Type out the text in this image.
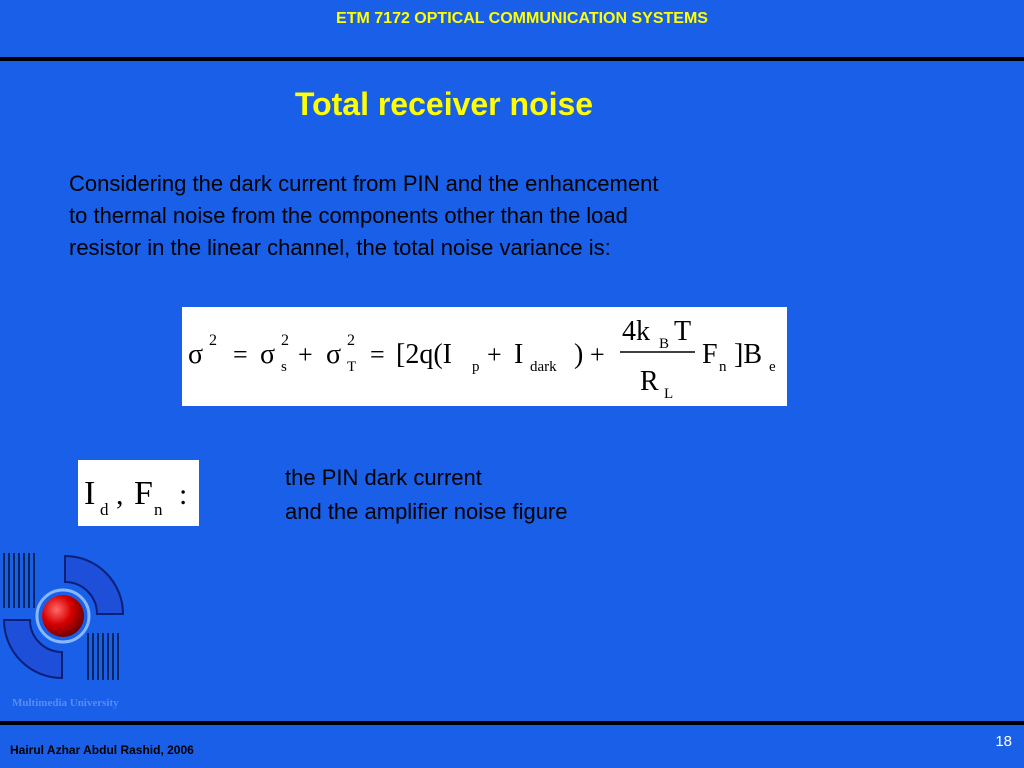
ETM 7172 OPTICAL COMMUNICATION SYSTEMS
Total receiver noise
Considering the dark current from PIN and the enhancement
to thermal noise from the components other than the load
resistor in the linear channel, the total noise variance is:
σ 2 = σ 2
s + σ 2
T = [2q(I p + I dark ) +
4k B T
R L
F n ]B e
I d , F n :
the PIN dark current
and the amplifier noise figure
Multimedia University
Hairul Azhar Abdul Rashid, 2006	18
